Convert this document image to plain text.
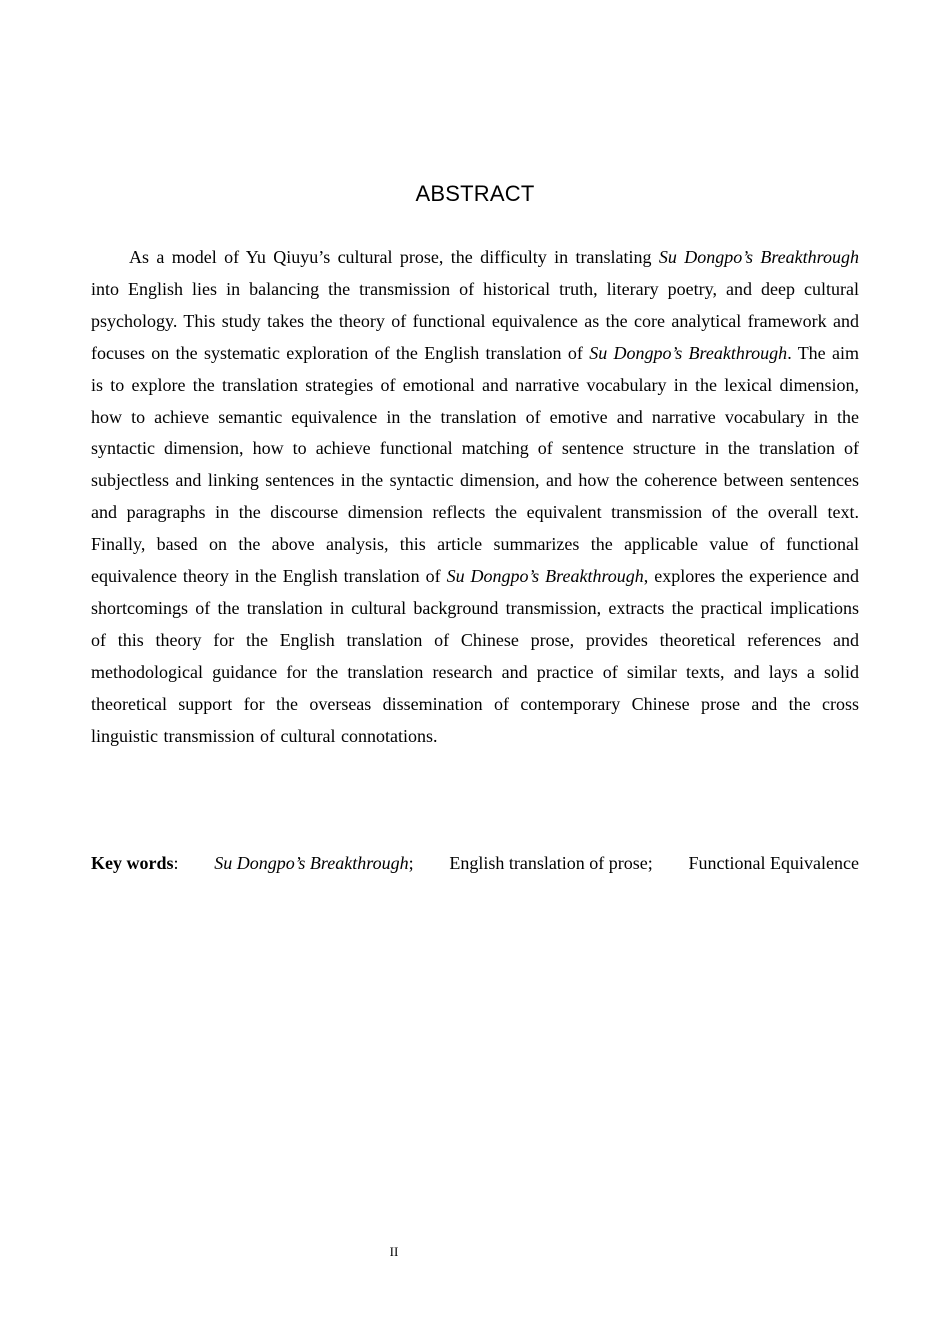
ABSTRACT

As a model of Yu Qiuyu’s cultural prose, the difficulty in translating Su Dongpo’s Breakthrough into English lies in balancing the transmission of historical truth, literary poetry, and deep cultural psychology. This study takes the theory of functional equivalence as the core analytical framework and focuses on the systematic exploration of the English translation of Su Dongpo’s Breakthrough. The aim is to explore the translation strategies of emotional and narrative vocabulary in the lexical dimension, how to achieve semantic equivalence in the translation of emotive and narrative vocabulary in the syntactic dimension, how to achieve functional matching of sentence structure in the translation of subjectless and linking sentences in the syntactic dimension, and how the coherence between sentences and paragraphs in the discourse dimension reflects the equivalent transmission of the overall text. Finally, based on the above analysis, this article summarizes the applicable value of functional equivalence theory in the English translation of Su Dongpo’s Breakthrough, explores the experience and shortcomings of the translation in cultural background transmission, extracts the practical implications of this theory for the English translation of Chinese prose, provides theoretical references and methodological guidance for the translation research and practice of similar texts, and lays a solid theoretical support for the overseas dissemination of contemporary Chinese prose and the cross linguistic transmission of cultural connotations.

Key words: Su Dongpo’s Breakthrough; English translation of prose; Functional Equivalence
II
